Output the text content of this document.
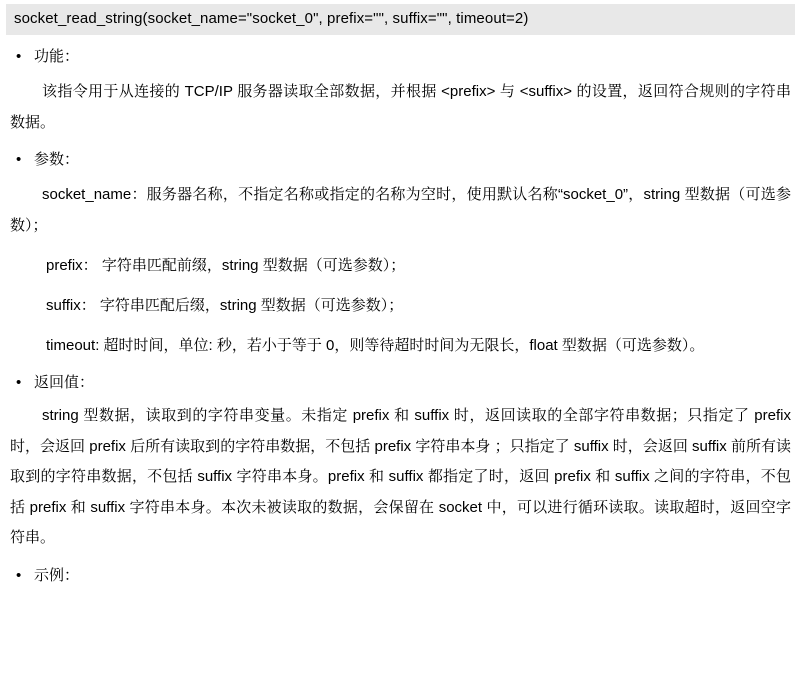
socket_read_string(socket_name="socket_0", prefix="", suffix="", timeout=2)
• 功能：
该指令用于从连接的 TCP/IP 服务器读取全部数据，并根据 <prefix> 与 <suffix> 的设置，返回符合规则的字符串数据。
• 参数：
socket_name：服务器名称，不指定名称或指定的名称为空时，使用默认名称“socket_0”，string 型数据（可选参数）；
prefix： 字符串匹配前缀，string 型数据（可选参数）；
suffix： 字符串匹配后缀，string 型数据（可选参数）；
timeout: 超时时间，单位: 秒，若小于等于 0，则等待超时时间为无限长，float 型数据（可选参数）。
• 返回值：
string 型数据，读取到的字符串变量。未指定 prefix 和 suffix 时，返回读取的全部字符串数据；只指定了 prefix 时，会返回 prefix 后所有读取到的字符串数据，不包括 prefix 字符串本身 ；只指定了 suffix 时，会返回 suffix 前所有读取到的字符串数据，不包括 suffix 字符串本身。prefix 和 suffix 都指定了时，返回 prefix 和 suffix 之间的字符串，不包括 prefix 和 suffix 字符串本身。本次未被读取的数据，会保留在 socket 中，可以进行循环读取。读取超时，返回空字符串。
• 示例：
